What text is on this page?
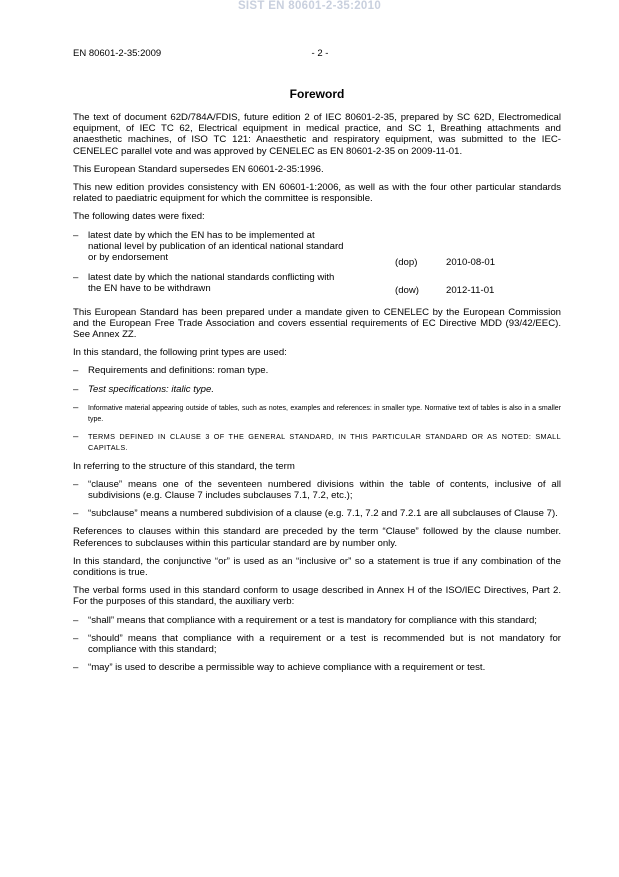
SIST EN 80601-2-35:2010
EN 80601-2-35:2009	- 2 -
Foreword

The text of document 62D/784A/FDIS, future edition 2 of IEC 80601-2-35, prepared by SC 62D, Electromedical equipment, of IEC TC 62, Electrical equipment in medical practice, and SC 1, Breathing attachments and anaesthetic machines, of ISO TC 121: Anaesthetic and respiratory equipment, was submitted to the IEC-CENELEC parallel vote and was approved by CENELEC as EN 80601-2-35 on 2009-11-01.

This European Standard supersedes EN 60601-2-35:1996.

This new edition provides consistency with EN 60601-1:2006, as well as with the four other particular standards related to paediatric equipment for which the committee is responsible.

The following dates were fixed:

– latest date by which the EN has to be implemented at national level by publication of an identical national standard or by endorsement	(dop)	2010-08-01
– latest date by which the national standards conflicting with the EN have to be withdrawn	(dow)	2012-11-01

This European Standard has been prepared under a mandate given to CENELEC by the European Commission and the European Free Trade Association and covers essential requirements of EC Directive MDD (93/42/EEC). See Annex ZZ.

In this standard, the following print types are used:

– Requirements and definitions: roman type.
– Test specifications: italic type.
– Informative material appearing outside of tables, such as notes, examples and references: in smaller type. Normative text of tables is also in a smaller type.
– TERMS DEFINED IN CLAUSE 3 OF THE GENERAL STANDARD, IN THIS PARTICULAR STANDARD OR AS NOTED: SMALL CAPITALS.

In referring to the structure of this standard, the term

– “clause” means one of the seventeen numbered divisions within the table of contents, inclusive of all subdivisions (e.g. Clause 7 includes subclauses 7.1, 7.2, etc.);
– “subclause” means a numbered subdivision of a clause (e.g. 7.1, 7.2 and 7.2.1 are all subclauses of Clause 7).

References to clauses within this standard are preceded by the term “Clause” followed by the clause number. References to subclauses within this particular standard are by number only.

In this standard, the conjunctive “or” is used as an “inclusive or” so a statement is true if any combination of the conditions is true.

The verbal forms used in this standard conform to usage described in Annex H of the ISO/IEC Directives, Part 2. For the purposes of this standard, the auxiliary verb:

– “shall” means that compliance with a requirement or a test is mandatory for compliance with this standard;
– “should” means that compliance with a requirement or a test is recommended but is not mandatory for compliance with this standard;
– “may” is used to describe a permissible way to achieve compliance with a requirement or test.
